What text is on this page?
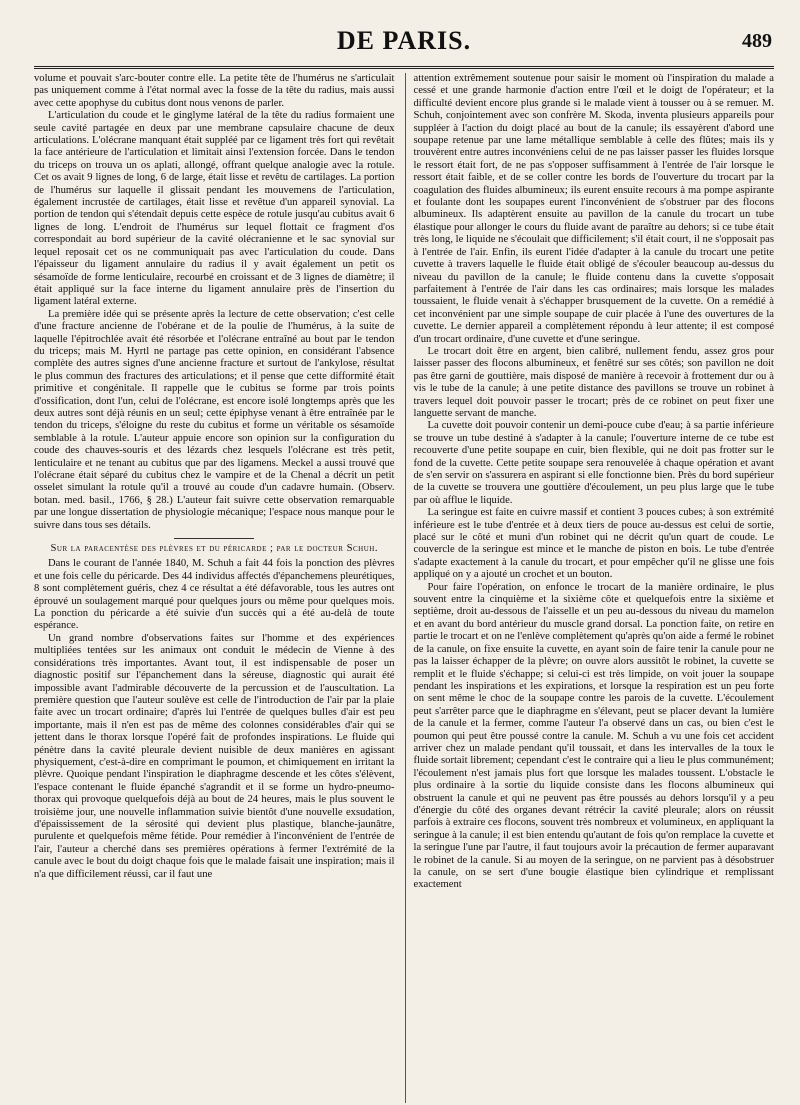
DE PARIS.	489

volume et pouvait s'arc-bouter contre elle. La petite tête de l'humérus ne s'articulait pas uniquement comme à l'état normal avec la fosse de la tête du radius, mais aussi avec cette apophyse du cubitus dont nous venons de parler.

L'articulation du coude et le ginglyme latéral de la tête du radius formaient une seule cavité partagée en deux par une membrane capsulaire chacune de deux articulations. L'olécrane manquant était suppléé par ce ligament très fort qui revêtait la face antérieure de l'articulation et limitait ainsi l'extension forcée. Dans le tendon du triceps on trouva un os aplati, allongé, offrant quelque analogie avec la rotule. Cet os avait 9 lignes de long, 6 de large, était lisse et revêtu de cartilages. La portion de l'humérus sur laquelle il glissait pendant les mouvemens de l'articulation, également incrustée de cartilages, était lisse et revêtue d'un appareil synovial. La portion de tendon qui s'étendait depuis cette espèce de rotule jusqu'au cubitus avait 6 lignes de long. L'endroit de l'humérus sur lequel flottait ce fragment d'os correspondait au bord supérieur de la cavité olécranienne et le sac synovial sur lequel reposait cet os ne communiquait pas avec l'articulation du coude. Dans l'épaisseur du ligament annulaire du radius il y avait également un petit os sésamoïde de forme lenticulaire, recourbé en croissant et de 3 lignes de diamètre; il était appliqué sur la face interne du ligament annulaire près de l'insertion du ligament latéral externe.

La première idée qui se présente après la lecture de cette observation; c'est celle d'une fracture ancienne de l'obérane et de la poulie de l'humérus, à la suite de laquelle l'épitrochlée avait été résorbée et l'olécrane entraîné au bout par le tendon du triceps; mais M. Hyrtl ne partage pas cette opinion, en considérant l'absence complète des autres signes d'une ancienne fracture et surtout de l'ankylose, résultat le plus commun des fractures des articulations; et il pense que cette difformité était primitive et congénitale. Il rappelle que le cubitus se forme par trois points d'ossification, dont l'un, celui de l'olécrane, est encore isolé longtemps après que les deux autres sont déjà réunis en un seul; cette épiphyse venant à être entraînée par le tendon du triceps, s'éloigne du reste du cubitus et forme un véritable os sésamoïde semblable à la rotule. L'auteur appuie encore son opinion sur la configuration du coude des chauves-souris et des lézards chez lesquels l'olécrane est très petit, lenticulaire et ne tenant au cubitus que par des ligamens. Meckel a aussi trouvé que l'olécrane était séparé du cubitus chez le vampire et de la Chenal a décrit un petit osselet simulant la rotule qu'il a trouvé au coude d'un cadavre humain. (Observ. botan. med. basil., 1766, § 28.) L'auteur fait suivre cette observation remarquable par une longue dissertation de physiologie mécanique; l'espace nous manque pour le suivre dans tous ses détails.

Sur la paracentèse des plèvres et du péricarde ; par le docteur Schuh.

Dans le courant de l'année 1840, M. Schuh a fait 44 fois la ponction des plèvres et une fois celle du péricarde. Des 44 individus affectés d'épanchemens pleurétiques, 8 sont complètement guéris, chez 4 ce résultat a été défavorable, tous les autres ont éprouvé un soulagement marqué pour quelques jours ou même pour quelques mois. La ponction du péricarde a été suivie d'un succès qui a été au-delà de toute espérance.

Un grand nombre d'observations faites sur l'homme et des expériences multipliées tentées sur les animaux ont conduit le médecin de Vienne à des considérations très importantes. Avant tout, il est indispensable de poser un diagnostic positif sur l'épanchement dans la séreuse, diagnostic qui aurait été impossible avant l'admirable découverte de la percussion et de l'auscultation. La première question que l'auteur soulève est celle de l'introduction de l'air par la plaie faite avec un trocart ordinaire; d'après lui l'entrée de quelques bulles d'air est peu importante, mais il n'en est pas de même des colonnes considérables d'air qui se jettent dans le thorax lorsque l'opéré fait de profondes inspirations. Le fluide qui pénètre dans la cavité pleurale devient nuisible de deux manières en agissant physiquement, c'est-à-dire en comprimant le poumon, et chimiquement en irritant la plèvre. Quoique pendant l'inspiration le diaphragme descende et les côtes s'élèvent, l'espace contenant le fluide épanché s'agrandit et il se forme un hydro-pneumo-thorax qui provoque quelquefois déjà au bout de 24 heures, mais le plus souvent le troisième jour, une nouvelle inflammation suivie bientôt d'une nouvelle exsudation, d'épaississement de la sérosité qui devient plus plastique, blanche-jaunâtre, purulente et quelquefois même fétide. Pour remédier à l'inconvénient de l'entrée de l'air, l'auteur a cherché dans ses premières opérations à fermer l'extrémité de la canule avec le bout du doigt chaque fois que le malade faisait une inspiration; mais il n'a que difficilement réussi, car il faut une

attention extrêmement soutenue pour saisir le moment où l'inspiration du malade a cessé et une grande harmonie d'action entre l'œil et le doigt de l'opérateur; et la difficulté devient encore plus grande si le malade vient à tousser ou à se remuer. M. Schuh, conjointement avec son confrère M. Skoda, inventa plusieurs appareils pour suppléer à l'action du doigt placé au bout de la canule; ils essayèrent d'abord une soupape retenue par une lame métallique semblable à celle des flûtes; mais ils y trouvèrent entre autres inconvéniens celui de ne pas laisser passer les fluides lorsque le ressort était fort, de ne pas s'opposer suffisamment à l'entrée de l'air lorsque le ressort était faible, et de se coller contre les bords de l'ouverture du trocart par la coagulation des fluides albumineux; ils eurent ensuite recours à ma pompe aspirante et foulante dont les soupapes eurent l'inconvénient de s'obstruer par des flocons albumineux. Ils adaptèrent ensuite au pavillon de la canule du trocart un tube élastique pour allonger le cours du fluide avant de paraître au dehors; si ce tube était très long, le liquide ne s'écoulait que difficilement; s'il était court, il ne s'opposait pas à l'entrée de l'air. Enfin, ils eurent l'idée d'adapter à la canule du trocart une petite cuvette à travers laquelle le fluide était obligé de s'écouler beaucoup au-dessus du niveau du pavillon de la canule; le fluide contenu dans la cuvette s'opposait parfaitement à l'entrée de l'air dans les cas ordinaires; mais lorsque les malades toussaient, le fluide venait à s'échapper brusquement de la cuvette. On a remédié à cet inconvénient par une simple soupape de cuir placée à l'une des ouvertures de la cuvette. Le dernier appareil a complètement répondu à leur attente; il est composé d'un trocart ordinaire, d'une cuvette et d'une seringue.

Le trocart doit être en argent, bien calibré, nullement fendu, assez gros pour laisser passer des flocons albumineux, et fenêtré sur ses côtés; son pavillon ne doit pas être garni de gouttière, mais disposé de manière à recevoir à frottement dur ou à vis le tube de la canule; à une petite distance des pavillons se trouve un robinet à travers lequel doit pouvoir passer le trocart; près de ce robinet on peut fixer une languette servant de manche.

La cuvette doit pouvoir contenir un demi-pouce cube d'eau; à sa partie inférieure se trouve un tube destiné à s'adapter à la canule; l'ouverture interne de ce tube est recouverte d'une petite soupape en cuir, bien flexible, qui ne doit pas frotter sur le fond de la cuvette. Cette petite soupape sera renouvelée à chaque opération et avant de s'en servir on s'assurera en aspirant si elle fonctionne bien. Près du bord supérieur de la cuvette se trouvera une gouttière d'écoulement, un peu plus large que le tube par où afflue le liquide.

La seringue est faite en cuivre massif et contient 3 pouces cubes; à son extrémité inférieure est le tube d'entrée et à deux tiers de pouce au-dessus est celui de sortie, placé sur le côté et muni d'un robinet qui ne décrit qu'un quart de coude. Le couvercle de la seringue est mince et le manche de piston en bois. Le tube d'entrée s'adapte exactement à la canule du trocart, et pour empêcher qu'il ne glisse une fois appliqué on y a ajouté un crochet et un bouton.

Pour faire l'opération, on enfonce le trocart de la manière ordinaire, le plus souvent entre la cinquième et la sixième côte et quelquefois entre la sixième et septième, droit au-dessous de l'aisselle et un peu au-dessous du niveau du mamelon et en avant du bord antérieur du muscle grand dorsal. La ponction faite, on retire en partie le trocart et on ne l'enlève complètement qu'après qu'on aide a fermé le robinet de la canule, on fixe ensuite la cuvette, en ayant soin de faire tenir la canule pour ne pas la laisser échapper de la plèvre; on ouvre alors aussitôt le robinet, la cuvette se remplit et le fluide s'échappe; si celui-ci est très limpide, on voit jouer la soupape pendant les inspirations et les expirations, et lorsque la respiration est un peu forte on sent même le choc de la soupape contre les parois de la cuvette. L'écoulement peut s'arrêter parce que le diaphragme en s'élevant, peut se placer devant la lumière de la canule et la fermer, comme l'auteur l'a observé dans un cas, ou bien c'est le poumon qui peut être poussé contre la canule. M. Schuh a vu une fois cet accident arriver chez un malade pendant qu'il toussait, et dans les intervalles de la toux le fluide sortait librement; cependant c'est le contraire qui a lieu le plus communément; l'écoulement n'est jamais plus fort que lorsque les malades toussent. L'obstacle le plus ordinaire à la sortie du liquide consiste dans les flocons albumineux qui obstruent la canule et qui ne peuvent pas être poussés au dehors lorsqu'il y a peu d'énergie du côté des organes devant rétrécir la cavité pleurale; alors on réussit parfois à extraire ces flocons, souvent très nombreux et volumineux, en appliquant la seringue à la canule; il est bien entendu qu'autant de fois qu'on remplace la cuvette et la seringue l'une par l'autre, il faut toujours avoir la précaution de fermer auparavant le robinet de la canule. Si au moyen de la seringue, on ne parvient pas à désobstruer la canule, on se sert d'une bougie élastique bien cylindrique et remplissant exactement
